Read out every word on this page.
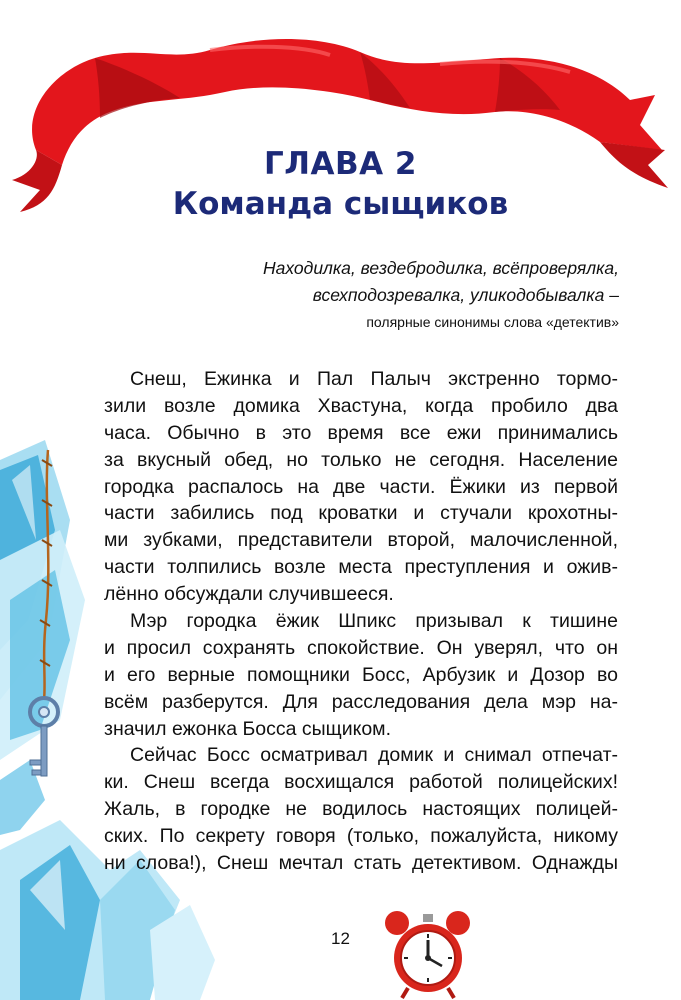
ГЛАВА 2
Команда сыщиков
Находилка, вездебродилка, всёпроверялка,
всехподозревалка, уликодобывалка –
полярные синонимы слова «детектив»
Снеш, Ежинка и Пал Палыч экстренно тормо-
зили возле домика Хвастуна, когда пробило два
часа. Обычно в это время все ежи принимались
за вкусный обед, но только не сегодня. Население
городка распалось на две части. Ёжики из первой
части забились под кроватки и стучали крохотны-
ми зубками, представители второй, малочисленной,
части толпились возле места преступления и ожив-
лённо обсуждали случившееся.
Мэр городка ёжик Шпикс призывал к тишине
и просил сохранять спокойствие. Он уверял, что он
и его верные помощники Босс, Арбузик и Дозор во
всём разберутся. Для расследования дела мэр на-
значил ежонка Босса сыщиком.
Сейчас Босс осматривал домик и снимал отпечат-
ки. Снеш всегда восхищался работой полицейских!
Жаль, в городке не водилось настоящих полицей-
ских. По секрету говоря (только, пожалуйста, никому
ни слова!), Снеш мечтал стать детективом. Однажды
12
